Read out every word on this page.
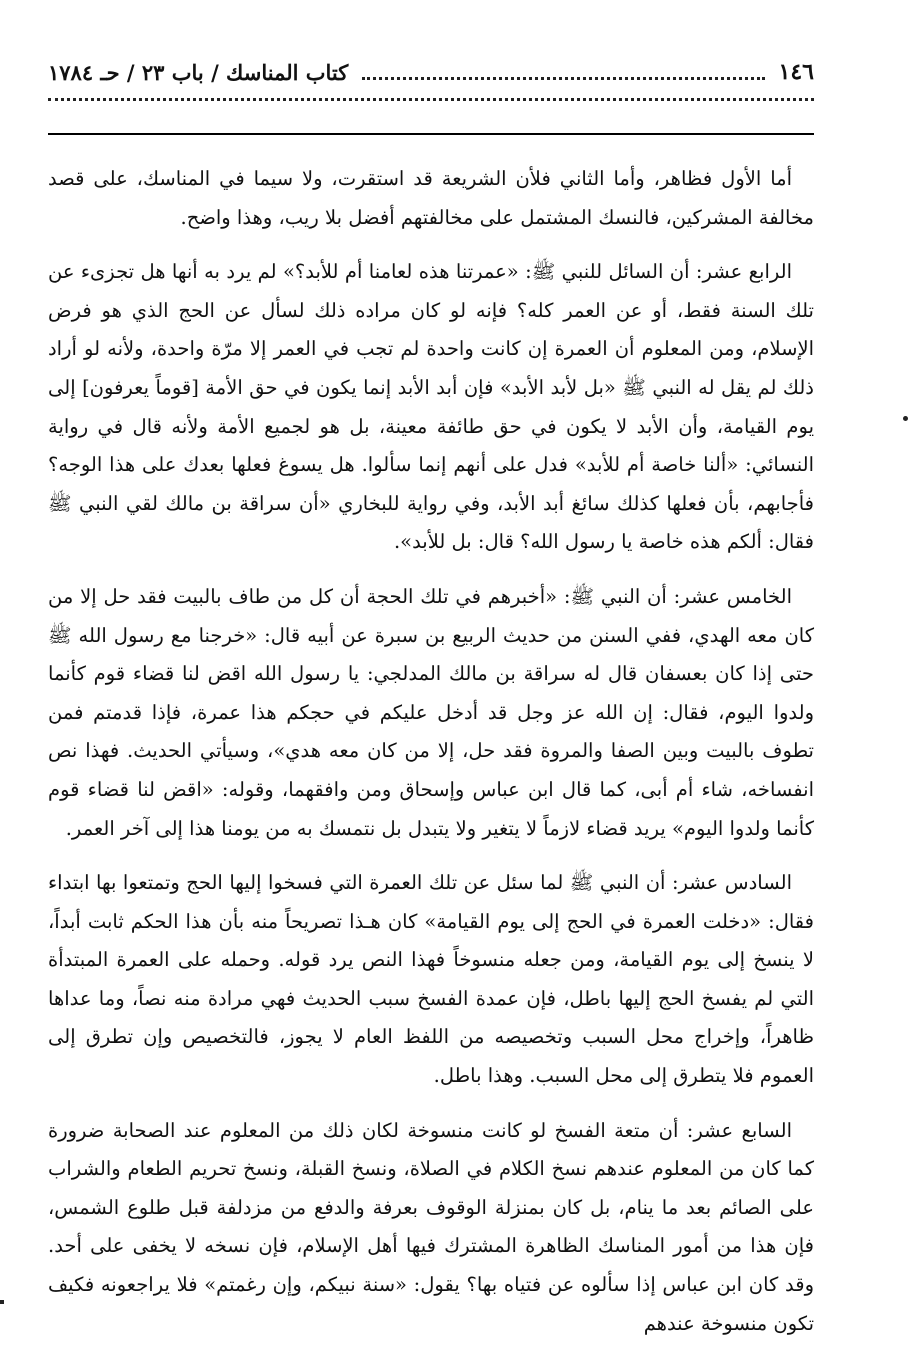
١٤٦
كتاب المناسك / باب ٢٣ / حـ ١٧٨٤

أما الأول فظاهر، وأما الثاني فلأن الشريعة قد استقرت، ولا سيما في المناسك، على قصد مخالفة المشركين، فالنسك المشتمل على مخالفتهم أفضل بلا ريب، وهذا واضح.

الرابع عشر: أن السائل للنبي ﷺ: «عمرتنا هذه لعامنا أم للأبد؟» لم يرد به أنها هل تجزىء عن تلك السنة فقط، أو عن العمر كله؟ فإنه لو كان مراده ذلك لسأل عن الحج الذي هو فرض الإسلام، ومن المعلوم أن العمرة إن كانت واحدة لم تجب في العمر إلا مرّة واحدة، ولأنه لو أراد ذلك لم يقل له النبي ﷺ «بل لأبد الأبد» فإن أبد الأبد إنما يكون في حق الأمة [قوماً يعرفون] إلى يوم القيامة، وأن الأبد لا يكون في حق طائفة معينة، بل هو لجميع الأمة ولأنه قال في رواية النسائي: «ألنا خاصة أم للأبد» فدل على أنهم إنما سألوا. هل يسوغ فعلها بعدك على هذا الوجه؟ فأجابهم، بأن فعلها كذلك سائغ أبد الأبد، وفي رواية للبخاري «أن سراقة بن مالك لقي النبي ﷺ فقال: ألكم هذه خاصة يا رسول الله؟ قال: بل للأبد».

الخامس عشر: أن النبي ﷺ: «أخبرهم في تلك الحجة أن كل من طاف بالبيت فقد حل إلا من كان معه الهدي، ففي السنن من حديث الربيع بن سبرة عن أبيه قال: «خرجنا مع رسول الله ﷺ حتى إذا كان بعسفان قال له سراقة بن مالك المدلجي: يا رسول الله اقض لنا قضاء قوم كأنما ولدوا اليوم، فقال: إن الله عز وجل قد أدخل عليكم في حجكم هذا عمرة، فإذا قدمتم فمن تطوف بالبيت وبين الصفا والمروة فقد حل، إلا من كان معه هدي»، وسيأتي الحديث. فهذا نص انفساخه، شاء أم أبى، كما قال ابن عباس وإسحاق ومن وافقهما، وقوله: «اقض لنا قضاء قوم كأنما ولدوا اليوم» يريد قضاء لازماً لا يتغير ولا يتبدل بل نتمسك به من يومنا هذا إلى آخر العمر.

السادس عشر: أن النبي ﷺ لما سئل عن تلك العمرة التي فسخوا إليها الحج وتمتعوا بها ابتداء فقال: «دخلت العمرة في الحج إلى يوم القيامة» كان هـذا تصريحاً منه بأن هذا الحكم ثابت أبداً، لا ينسخ إلى يوم القيامة، ومن جعله منسوخاً فهذا النص يرد قوله. وحمله على العمرة المبتدأة التي لم يفسخ الحج إليها باطل، فإن عمدة الفسخ سبب الحديث فهي مرادة منه نصاً، وما عداها ظاهراً، وإخراج محل السبب وتخصيصه من اللفظ العام لا يجوز، فالتخصيص وإن تطرق إلى العموم فلا يتطرق إلى محل السبب. وهذا باطل.

السابع عشر: أن متعة الفسخ لو كانت منسوخة لكان ذلك من المعلوم عند الصحابة ضرورة كما كان من المعلوم عندهم نسخ الكلام في الصلاة، ونسخ القبلة، ونسخ تحريم الطعام والشراب على الصائم بعد ما ينام، بل كان بمنزلة الوقوف بعرفة والدفع من مزدلفة قبل طلوع الشمس، فإن هذا من أمور المناسك الظاهرة المشترك فيها أهل الإسلام، فإن نسخه لا يخفى على أحد. وقد كان ابن عباس إذا سألوه عن فتياه بها؟ يقول: «سنة نبيكم، وإن رغمتم» فلا يراجعونه فكيف تكون منسوخة عندهم
